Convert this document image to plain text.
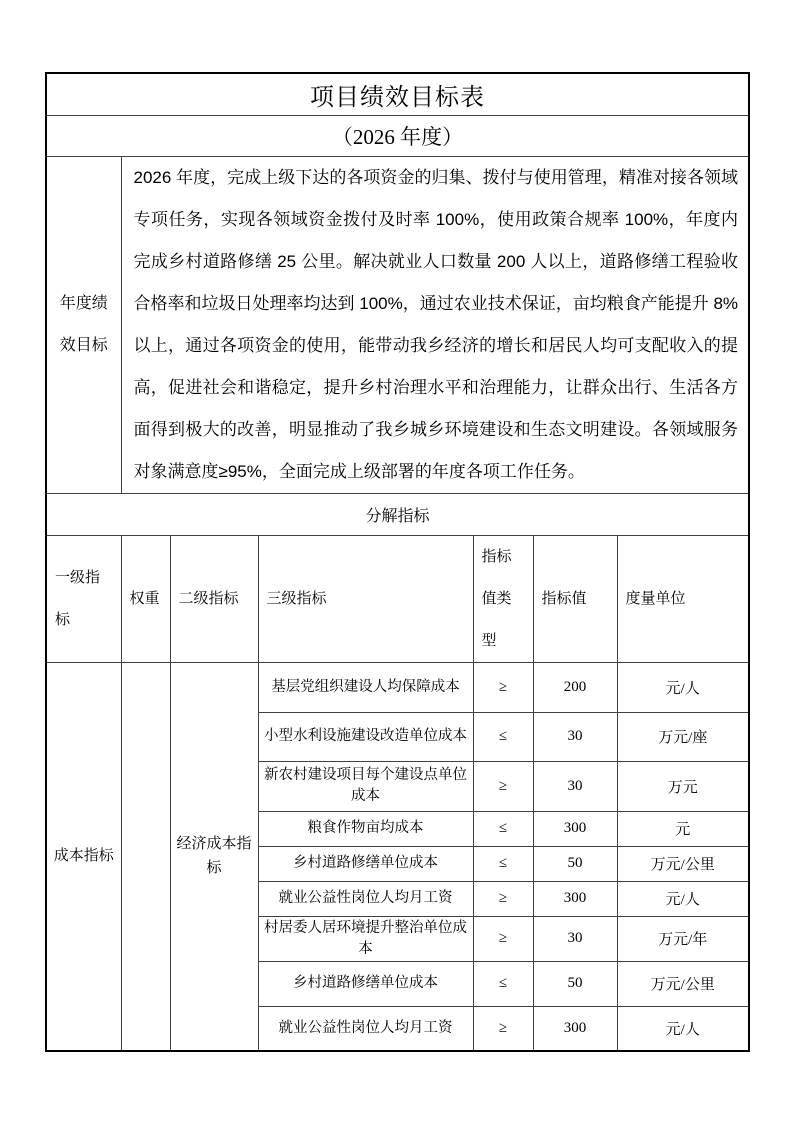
项目绩效目标表						
（2026 年度）						
年度绩效目标	2026 年度，完成上级下达的各项资金的归集、拨付与使用管理，精准对接各领域专项任务，实现各领域资金拨付及时率 100%，使用政策合规率 100%，年度内完成乡村道路修缮 25 公里。解决就业人口数量 200 人以上，道路修缮工程验收合格率和垃圾日处理率均达到 100%，通过农业技术保证，亩均粮食产能提升 8%以上，通过各项资金的使用，能带动我乡经济的增长和居民人均可支配收入的提高，促进社会和谐稳定，提升乡村治理水平和治理能力，让群众出行、生活各方面得到极大的改善，明显推动了我乡城乡环境建设和生态文明建设。各领域服务对象满意度≥95%，全面完成上级部署的年度各项工作任务。					
分解指标						
一级指标	权重	二级指标	三级指标	指标值类型	指标值	度量单位
成本指标		经济成本指标	基层党组织建设人均保障成本	≥	200	元/人
			小型水利设施建设改造单位成本	≤	30	万元/座
			新农村建设项目每个建设点单位成本	≥	30	万元
			粮食作物亩均成本	≤	300	元
			乡村道路修缮单位成本	≤	50	万元/公里
			就业公益性岗位人均月工资	≥	300	元/人
			村居委人居环境提升整治单位成本	≥	30	万元/年
			乡村道路修缮单位成本	≤	50	万元/公里
			就业公益性岗位人均月工资	≥	300	元/人
